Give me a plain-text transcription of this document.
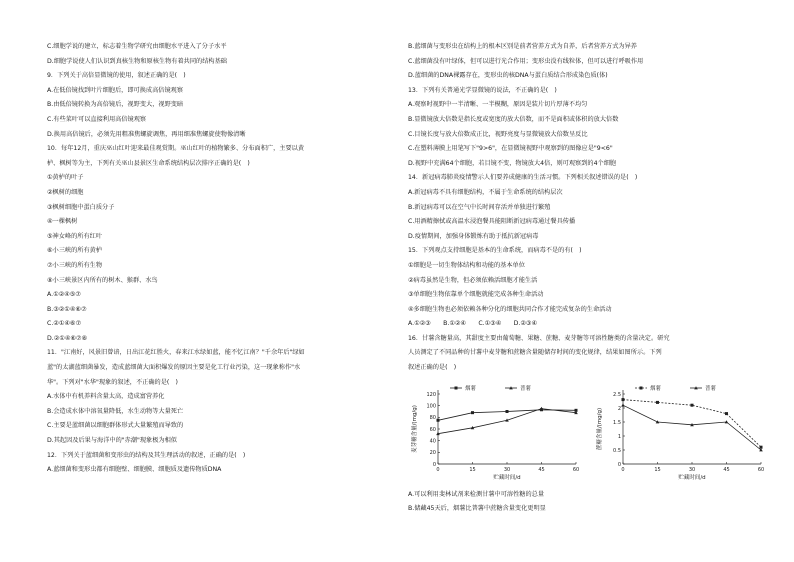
C.细胞学说的建立，标志着生物学研究由细胞水平进入了分子水平
D.细胞学说使人们认识到真核生物和原核生物有着共同的结构基础
9．下列关于高倍显微镜的使用，叙述正确的是(　)
A.在低倍镜找到叶片细胞后，即可换成高倍镜观察
B.由低倍镜转换为高倍镜后，视野变大，视野变暗
C.有些菜叶可以直接利用高倍镜观察
D.换用高倍镜后，必须先用粗准焦螺旋调焦，再用细准焦螺旋使物像清晰
10．每年12月，重庆巫山红叶迎来最佳观赏期。巫山红叶的植物繁多、分布面积广，主要以黄
栌、枫树等为主，下列有关巫山县景区生命系统结构层次排序正确的是(　)
①黄栌的叶子
②枫树的细胞
③枫树细胞中蛋白质分子
④一棵枫树
⑤神女峰的所有红叶
⑥小三峡的所有黄栌
⑦小三峡的所有生物
⑧小三峡景区内所有的树木、猴群、水鸟
A.①②④⑤⑦
B.③②①④⑥⑦
C.②①④⑥⑦
D.②①④⑥⑦⑧
11．"江南好，风景旧曾谙，日出江花红胜火，春来江水绿如蓝，能不忆江南？"千余年后"绿如
蓝"的太湖蓝细菌暴发，造成蓝细菌大面积爆发的原因主要是化工行业污染，这一现象称作"水
华"。下列对"水华"现象的叙述，不正确的是(　)
A.水体中有机养料含量太高，造成富营养化
B.会造成水体中溶氧量降低，水生动物等大量死亡
C.主要是蓝细菌以细胞群体形式大量繁殖而导致的
D.其起因及后果与海洋中的"赤潮"现象极为相似
12．下列关于蓝细菌和变形虫的结构及其生理活动的叙述，正确的是(　)
A.蓝细菌和变形虫都有细胞壁、细胞膜、细胞质及遗传物质DNA
B.蓝细菌与变形虫在结构上的根本区别是前者营养方式为自养，后者营养方式为异养
C.蓝细菌没有叶绿体，但可以进行光合作用；变形虫没有线粒体，但可以进行呼吸作用
D.蓝细菌的DNA裸露存在，变形虫的核DNA与蛋白质结合形成染色质(体)
13．下列有关普通光学显微镜的说法，不正确的是(　)
A.观察时视野中一半清晰、一半模糊，原因是装片切片厚薄不均匀
B.显微镜放大倍数是指长度或宽度的放大倍数，而不是面积或体积的放大倍数
C.目镜长度与放大倍数成正比，视野亮度与显微镜放大倍数呈反比
C.在塑料薄膜上用笔写下"9>6"，在显微镜视野中观察到的图像应是"9<6"
D.视野中充满64个细胞，若目镜不变，物镜放大4倍，则可观察到的4个细胞
14．新冠病毒肺炎疫情警示人们要养成健康的生活习惯。下列相关叙述错误的是(　)
A.新冠病毒不具有细胞结构，不属于生命系统的结构层次
B.新冠病毒可以在空气中长时间存活并单独进行繁殖
C.用酒精擦拭或高温水浸泡餐具能阻断新冠病毒通过餐具传播
D.疫情期间，加强身体锻炼有助于抵抗新冠病毒
15．下列观点支持细胞是基本的生命系统，而病毒不是的有(　)
①细胞是一切生物体结构和功能的基本单位
②病毒虽然是生物，但必须依赖活细胞才能生活
③单细胞生物依靠单个细胞就能完成各种生命活动
④多细胞生物也必须依赖各种分化的细胞共同合作才能完成复杂的生命活动
A.①②③　　B.①②④　　C.①③④　　D.②③④
16．甘薯含糖量高，其甜度主要由葡萄糖、果糖、蔗糖、麦芽糖等可溶性糖类的含量决定。研究
人员测定了不同品种的甘薯中麦芽糖和蔗糖含量随储存时间的变化规律，结果如图所示。下列
叙述正确的是(　)
0
20
40
60
80
100
120
0	15	30	45	60
贮藏时间/d
麦芽糖含量/(mg/g)
烟薯	普薯
0
0.5
1
1.5
2
2.5
0	15	30	45	60
贮藏时间/d
蔗糖含量/(mg/g)
烟薯	普薯
A.可以利用斐林试剂来检测甘薯中可溶性糖的总量
B.储藏45天后，烟薯比普薯中蔗糖含量变化更明显
